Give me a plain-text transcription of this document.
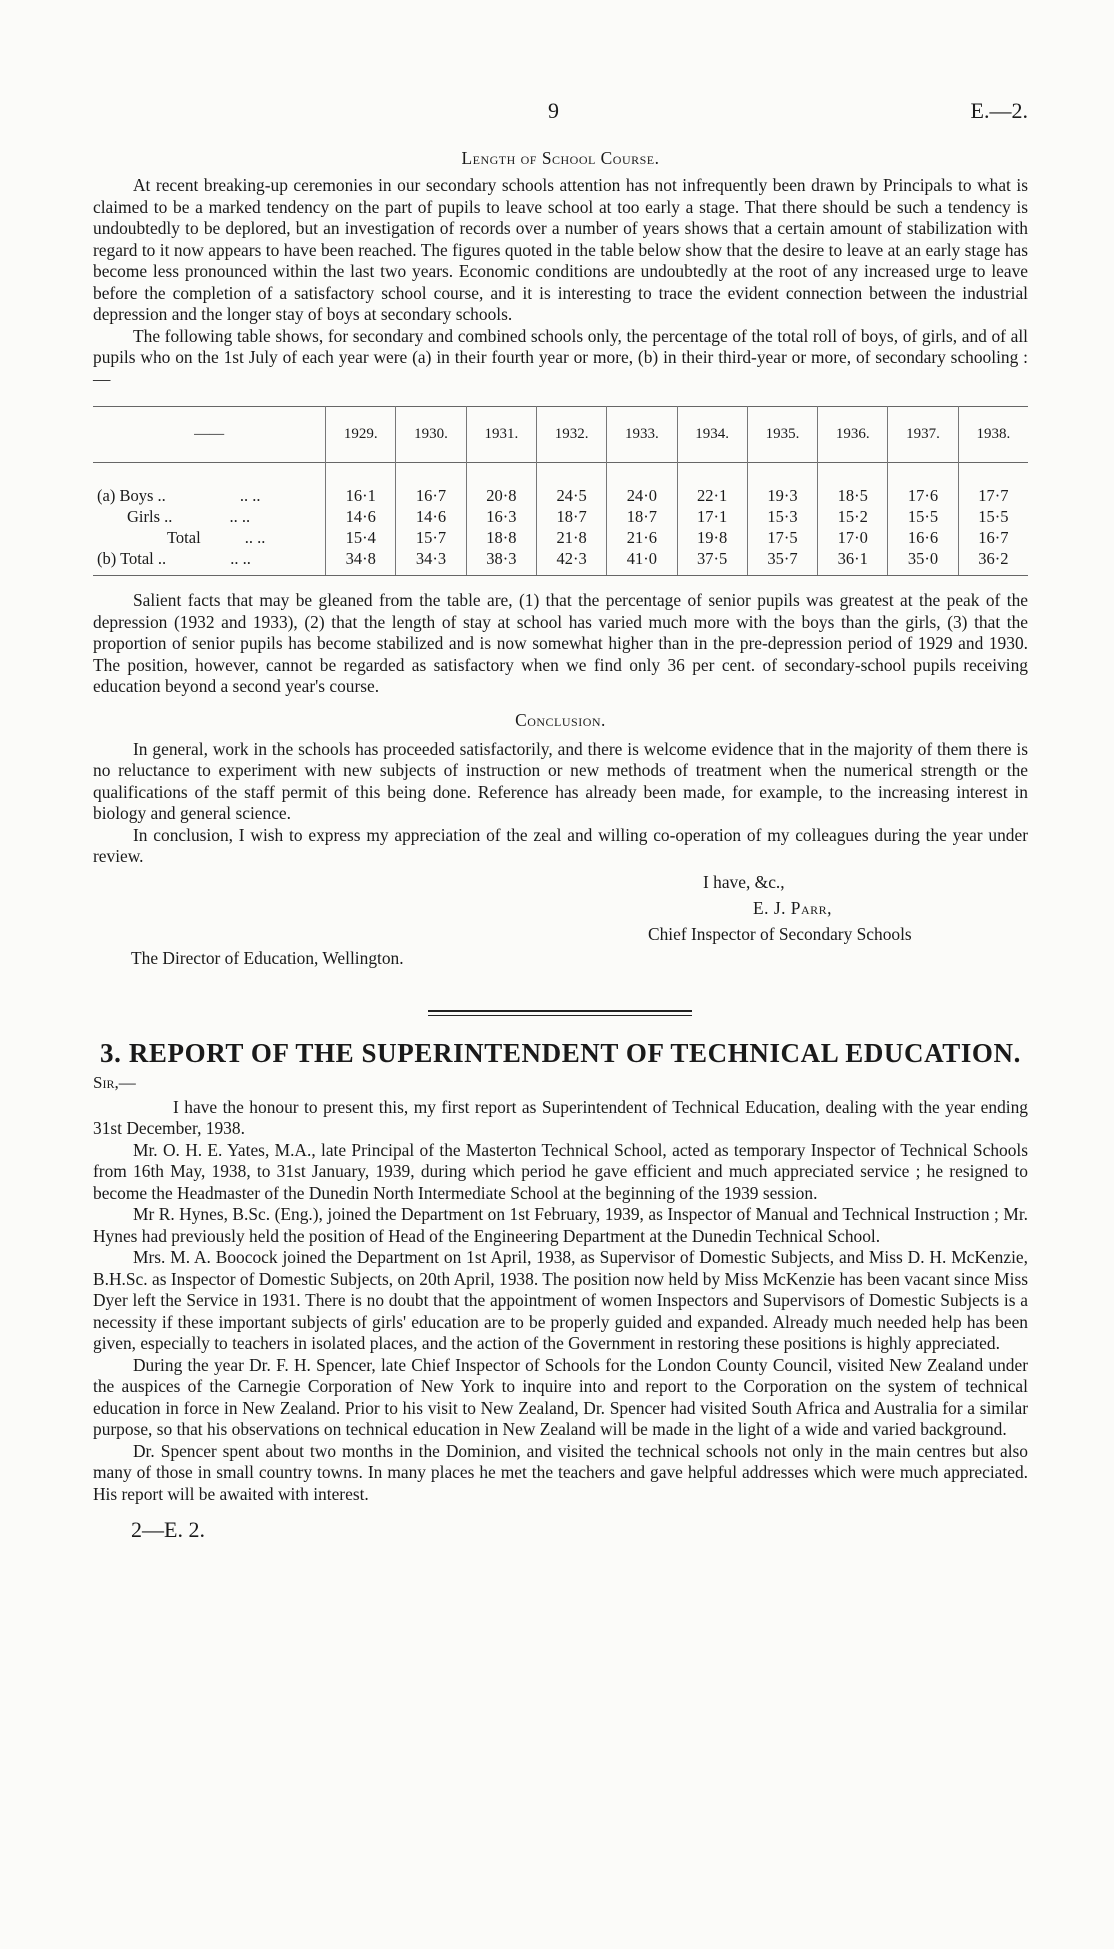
9	E.—2.
Length of School Course.

At recent breaking-up ceremonies in our secondary schools attention has not infrequently been drawn by Principals to what is claimed to be a marked tendency on the part of pupils to leave school at too early a stage. That there should be such a tendency is undoubtedly to be deplored, but an investigation of records over a number of years shows that a certain amount of stabilization with regard to it now appears to have been reached. The figures quoted in the table below show that the desire to leave at an early stage has become less pronounced within the last two years. Economic conditions are undoubtedly at the root of any increased urge to leave before the completion of a satisfactory school course, and it is interesting to trace the evident connection between the industrial depression and the longer stay of boys at secondary schools.

The following table shows, for secondary and combined schools only, the percentage of the total roll of boys, of girls, and of all pupils who on the 1st July of each year were (a) in their fourth year or more, (b) in their third-year or more, of secondary schooling :—

——	1929.	1930.	1931.	1932.	1933.	1934.	1935.	1936.	1937.	1938.

(a) Boys .. .. ..	16·1	16·7	20·8	24·5	24·0	22·1	19·3	18·5	17·6	17·7
Girls .. .. ..	14·6	14·6	16·3	18·7	18·7	17·1	15·3	15·2	15·5	15·5
Total .. ..	15·4	15·7	18·8	21·8	21·6	19·8	17·5	17·0	16·6	16·7
(b) Total .. .. ..	34·8	34·3	38·3	42·3	41·0	37·5	35·7	36·1	35·0	36·2

Salient facts that may be gleaned from the table are, (1) that the percentage of senior pupils was greatest at the peak of the depression (1932 and 1933), (2) that the length of stay at school has varied much more with the boys than the girls, (3) that the proportion of senior pupils has become stabilized and is now somewhat higher than in the pre-depression period of 1929 and 1930. The position, however, cannot be regarded as satisfactory when we find only 36 per cent. of secondary-school pupils receiving education beyond a second year's course.

Conclusion.

In general, work in the schools has proceeded satisfactorily, and there is welcome evidence that in the majority of them there is no reluctance to experiment with new subjects of instruction or new methods of treatment when the numerical strength or the qualifications of the staff permit of this being done. Reference has already been made, for example, to the increasing interest in biology and general science.

In conclusion, I wish to express my appreciation of the zeal and willing co-operation of my colleagues during the year under review.

I have, &c.,
E. J. Parr,
Chief Inspector of Secondary Schools
The Director of Education, Wellington.
3. REPORT OF THE SUPERINTENDENT OF TECHNICAL EDUCATION.
Sir,—

I have the honour to present this, my first report as Superintendent of Technical Education, dealing with the year ending 31st December, 1938.

Mr. O. H. E. Yates, M.A., late Principal of the Masterton Technical School, acted as temporary Inspector of Technical Schools from 16th May, 1938, to 31st January, 1939, during which period he gave efficient and much appreciated service ; he resigned to become the Headmaster of the Dunedin North Intermediate School at the beginning of the 1939 session.

Mr R. Hynes, B.Sc. (Eng.), joined the Department on 1st February, 1939, as Inspector of Manual and Technical Instruction ; Mr. Hynes had previously held the position of Head of the Engineering Department at the Dunedin Technical School.

Mrs. M. A. Boocock joined the Department on 1st April, 1938, as Supervisor of Domestic Subjects, and Miss D. H. McKenzie, B.H.Sc. as Inspector of Domestic Subjects, on 20th April, 1938. The position now held by Miss McKenzie has been vacant since Miss Dyer left the Service in 1931. There is no doubt that the appointment of women Inspectors and Supervisors of Domestic Subjects is a necessity if these important subjects of girls' education are to be properly guided and expanded. Already much needed help has been given, especially to teachers in isolated places, and the action of the Government in restoring these positions is highly appreciated.

During the year Dr. F. H. Spencer, late Chief Inspector of Schools for the London County Council, visited New Zealand under the auspices of the Carnegie Corporation of New York to inquire into and report to the Corporation on the system of technical education in force in New Zealand. Prior to his visit to New Zealand, Dr. Spencer had visited South Africa and Australia for a similar purpose, so that his observations on technical education in New Zealand will be made in the light of a wide and varied background.

Dr. Spencer spent about two months in the Dominion, and visited the technical schools not only in the main centres but also many of those in small country towns. In many places he met the teachers and gave helpful addresses which were much appreciated. His report will be awaited with interest.

2—E. 2.
